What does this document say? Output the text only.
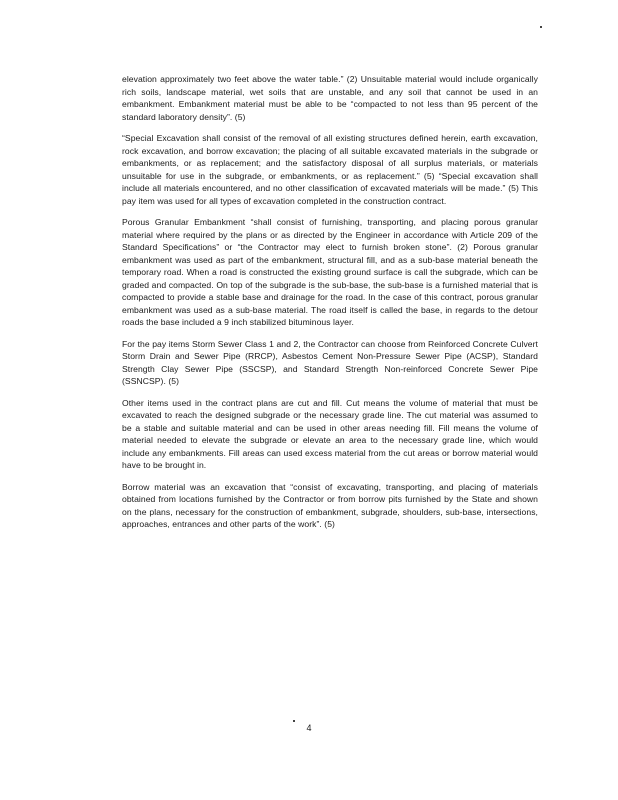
elevation approximately two feet above the water table.” (2) Unsuitable material would include organically rich soils, landscape material, wet soils that are unstable, and any soil that cannot be used in an embankment. Embankment material must be able to be “compacted to not less than 95 percent of the standard laboratory density”. (5)

“Special Excavation shall consist of the removal of all existing structures defined herein, earth excavation, rock excavation, and borrow excavation; the placing of all suitable excavated materials in the subgrade or embankments, or as replacement; and the satisfactory disposal of all surplus materials, or materials unsuitable for use in the subgrade, or embankments, or as replacement.” (5) “Special excavation shall include all materials encountered, and no other classification of excavated materials will be made.” (5) This pay item was used for all types of excavation completed in the construction contract.

Porous Granular Embankment “shall consist of furnishing, transporting, and placing porous granular material where required by the plans or as directed by the Engineer in accordance with Article 209 of the Standard Specifications” or “the Contractor may elect to furnish broken stone”. (2) Porous granular embankment was used as part of the embankment, structural fill, and as a sub-base material beneath the temporary road. When a road is constructed the existing ground surface is call the subgrade, which can be graded and compacted. On top of the subgrade is the sub-base, the sub-base is a furnished material that is compacted to provide a stable base and drainage for the road. In the case of this contract, porous granular embankment was used as a sub-base material. The road itself is called the base, in regards to the detour roads the base included a 9 inch stabilized bituminous layer.

For the pay items Storm Sewer Class 1 and 2, the Contractor can choose from Reinforced Concrete Culvert Storm Drain and Sewer Pipe (RRCP), Asbestos Cement Non-Pressure Sewer Pipe (ACSP), Standard Strength Clay Sewer Pipe (SSCSP), and Standard Strength Non-reinforced Concrete Sewer Pipe (SSNCSP). (5)

Other items used in the contract plans are cut and fill. Cut means the volume of material that must be excavated to reach the designed subgrade or the necessary grade line. The cut material was assumed to be a stable and suitable material and can be used in other areas needing fill. Fill means the volume of material needed to elevate the subgrade or elevate an area to the necessary grade line, which would include any embankments. Fill areas can used excess material from the cut areas or borrow material would have to be brought in.

Borrow material was an excavation that “consist of excavating, transporting, and placing of materials obtained from locations furnished by the Contractor or from borrow pits furnished by the State and shown on the plans, necessary for the construction of embankment, subgrade, shoulders, sub-base, intersections, approaches, entrances and other parts of the work”. (5)

4
